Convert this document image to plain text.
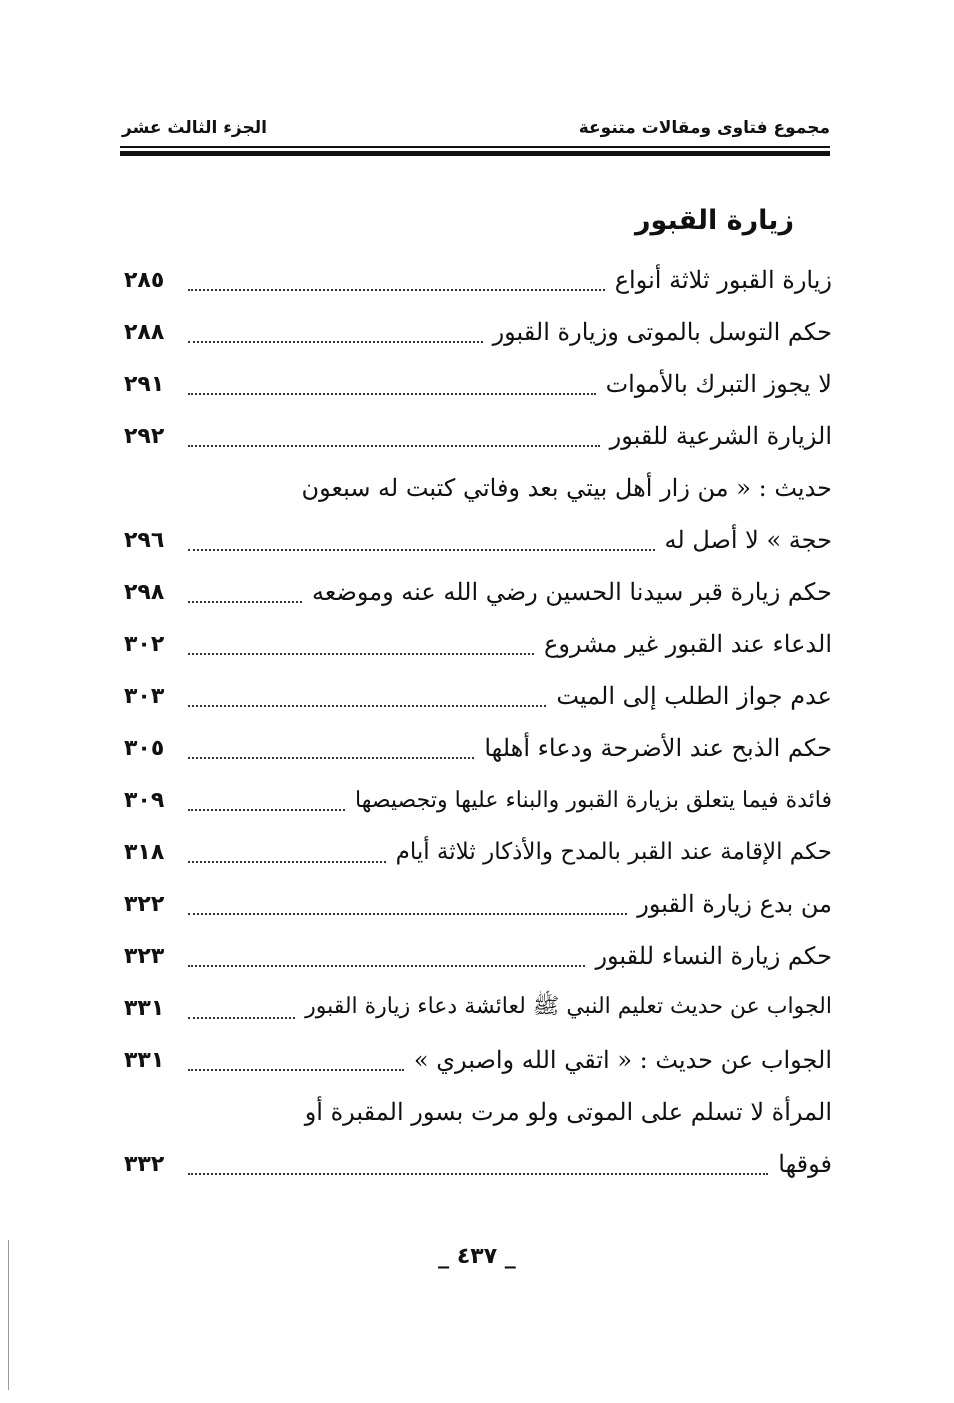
مجموع فتاوى ومقالات متنوعة
الجزء الثالث عشر
زيارة القبور
زيارة القبور ثلاثة أنواع
٢٨٥
حكم التوسل بالموتى وزيارة القبور
٢٨٨
لا يجوز التبرك بالأموات
٢٩١
الزيارة الشرعية للقبور
٢٩٢
حديث : « من زار أهل بيتي بعد وفاتي كتبت له سبعون
حجة » لا أصل له
٢٩٦
حكم زيارة قبر سيدنا الحسين رضي الله عنه وموضعه
٢٩٨
الدعاء عند القبور غير مشروع
٣٠٢
عدم جواز الطلب إلى الميت
٣٠٣
حكم الذبح عند الأضرحة ودعاء أهلها
٣٠٥
فائدة فيما يتعلق بزيارة القبور والبناء عليها وتجصيصها
٣٠٩
حكم الإقامة عند القبر بالمدح والأذكار ثلاثة أيام
٣١٨
من بدع زيارة القبور
٣٢٢
حكم زيارة النساء للقبور
٣٢٣
الجواب عن حديث تعليم النبي ﷺ لعائشة دعاء زيارة القبور
٣٣١
الجواب عن حديث : « اتقي الله واصبري »
٣٣١
المرأة لا تسلم على الموتى ولو مرت بسور المقبرة أو
فوقها
٣٣٢
_ ٤٣٧ _
